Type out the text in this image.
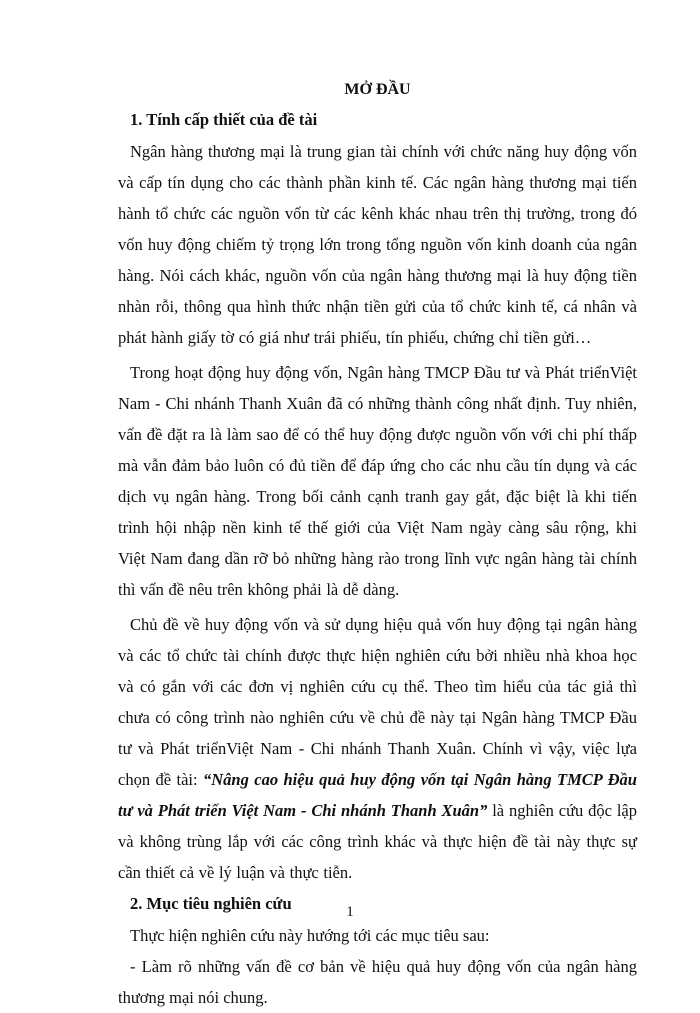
MỞ ĐẦU
1. Tính cấp thiết của đề tài

Ngân hàng thương mại là trung gian tài chính với chức năng huy động vốn và cấp tín dụng cho các thành phần kinh tế. Các ngân hàng thương mại tiến hành tổ chức các nguồn vốn từ các kênh khác nhau trên thị trường, trong đó vốn huy động chiếm tỷ trọng lớn trong tổng nguồn vốn kinh doanh của ngân hàng. Nói cách khác, nguồn vốn của ngân hàng thương mại là huy động tiền nhàn rỗi, thông qua hình thức nhận tiền gửi của tổ chức kinh tế, cá nhân và phát hành giấy tờ có giá như trái phiếu, tín phiếu, chứng chỉ tiền gửi…

Trong hoạt động huy động vốn, Ngân hàng TMCP Đầu tư và Phát triểnViệt Nam - Chi nhánh Thanh Xuân đã có những thành công nhất định. Tuy nhiên, vấn đề đặt ra là làm sao để có thể huy động được nguồn vốn với chi phí thấp mà vẫn đảm bảo luôn có đủ tiền để đáp ứng cho các nhu cầu tín dụng và các dịch vụ ngân hàng. Trong bối cảnh cạnh tranh gay gắt, đặc biệt là khi tiến trình hội nhập nền kinh tế thế giới của Việt Nam ngày càng sâu rộng, khi Việt Nam đang dần rỡ bỏ những hàng rào trong lĩnh vực ngân hàng tài chính thì vấn đề nêu trên không phải là dễ dàng.

Chủ đề về huy động vốn và sử dụng hiệu quả vốn huy động tại ngân hàng và các tổ chức tài chính được thực hiện nghiên cứu bởi nhiều nhà khoa học và có gắn với các đơn vị nghiên cứu cụ thể. Theo tìm hiểu của tác giả thì chưa có công trình nào nghiên cứu về chủ đề này tại Ngân hàng TMCP Đầu tư và Phát triểnViệt Nam - Chi nhánh Thanh Xuân. Chính vì vậy, việc lựa chọn đề tài: “Nâng cao hiệu quả huy động vốn tại Ngân hàng TMCP Đầu tư và Phát triển Việt Nam - Chi nhánh Thanh Xuân” là nghiên cứu độc lập và không trùng lắp với các công trình khác và thực hiện đề tài này thực sự cần thiết cả về lý luận và thực tiễn.

2. Mục tiêu nghiên cứu

Thực hiện nghiên cứu này hướng tới các mục tiêu sau:

- Làm rõ những vấn đề cơ bản về hiệu quả huy động vốn của ngân hàng thương mại nói chung.

1
